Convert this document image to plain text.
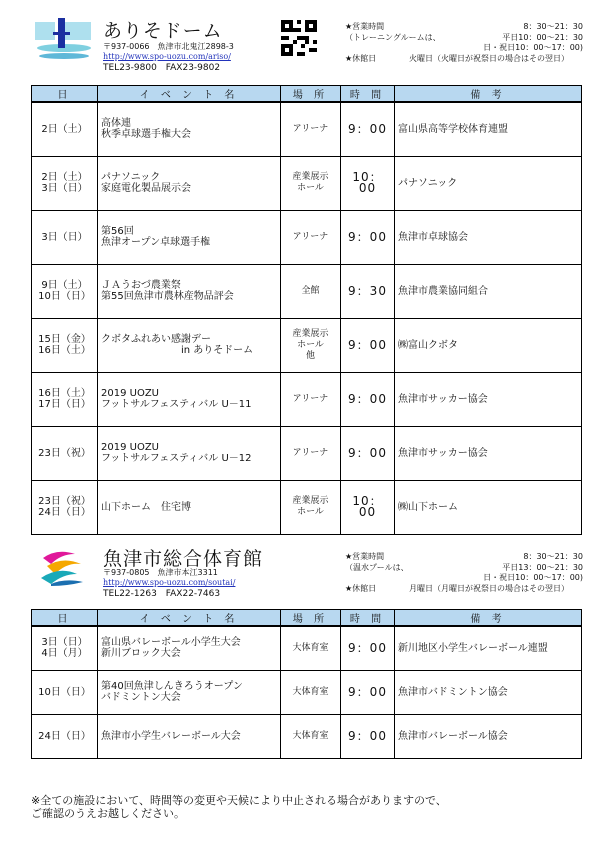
ありそドーム
〒937-0066　魚津市北鬼江2898-3
http://www.spo-uozu.com/ariso/
TEL23-9800　FAX23-9802
★営業時間	8：30～21：30
（トレーニングルームは、	平日10：00～21：30
日・祝日10：00～17：00)
★休館日	火曜日（火曜日が祝祭日の場合はその翌日）
日	イ ベ ン ト 名	場 所	時 間	備 考
2日（土）	高体連
秋季卓球選手権大会	アリーナ	9：00	富山県高等学校体育連盟
2日（土）
3日（日）	パナソニック
家庭電化製品展示会	産業展示
ホール	10：00	パナソニック
3日（日）	第56回
魚津オープン卓球選手権	アリーナ	9：00	魚津市卓球協会
9日（土）
10日（日）	ＪＡうおづ農業祭
第55回魚津市農林産物品評会	全館	9：30	魚津市農業協同組合
15日（金）
16日（土）	クボタふれあい感謝デー
　　　　　　　　in ありそドーム	産業展示
ホール
他	9：00	㈱富山クボタ
16日（土）
17日（日）	2019 UOZU
フットサルフェスティバル U－11	アリーナ	9：00	魚津市サッカー協会
23日（祝）	2019 UOZU
フットサルフェスティバル U－12	アリーナ	9：00	魚津市サッカー協会
23日（祝）
24日（日）	山下ホーム　住宅博	産業展示
ホール	10：00	㈱山下ホーム
魚津市総合体育館
〒937-0805　魚津市本江3311
http://www.spo-uozu.com/soutai/
TEL22-1263　FAX22-7463
★営業時間	8：30～21：30
（温水プールは、	平日13：00～21：30
日・祝日10：00～17：00)
★休館日	月曜日（月曜日が祝祭日の場合はその翌日）
日	イ ベ ン ト 名	場 所	時 間	備 考
3日（日）
4日（月）	富山県バレーボール小学生大会
新川ブロック大会	大体育室	9：00	新川地区小学生バレーボール連盟
10日（日）	第40回魚津しんきろうオープン
バドミントン大会	大体育室	9：00	魚津市バドミントン協会
24日（日）	魚津市小学生バレーボール大会	大体育室	9：00	魚津市バレーボール協会
※全ての施設において、時間等の変更や天候により中止される場合がありますので、
ご確認のうえお越しください。
